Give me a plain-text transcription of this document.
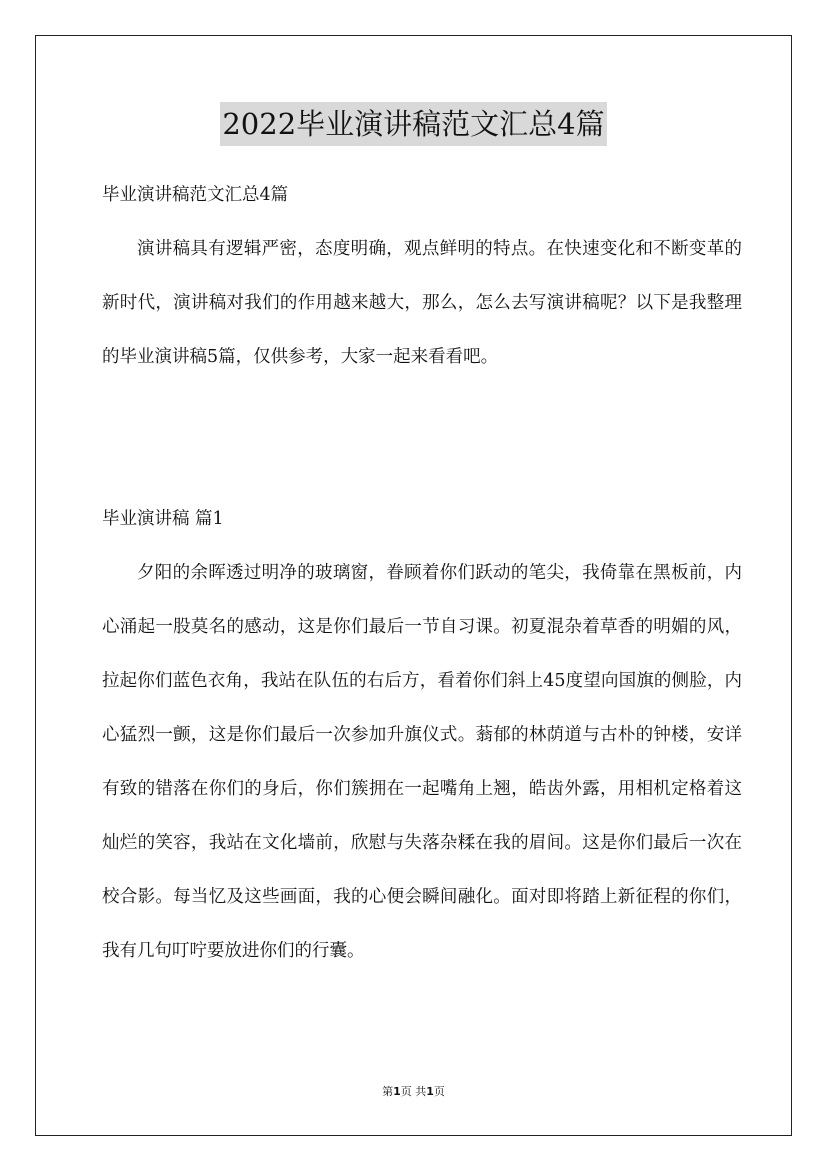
2022毕业演讲稿范文汇总4篇

毕业演讲稿范文汇总4篇

演讲稿具有逻辑严密，态度明确，观点鲜明的特点。在快速变化和不断变革的新时代，演讲稿对我们的作用越来越大，那么，怎么去写演讲稿呢？以下是我整理的毕业演讲稿5篇，仅供参考，大家一起来看看吧。

毕业演讲稿 篇1

夕阳的余晖透过明净的玻璃窗，眷顾着你们跃动的笔尖，我倚靠在黑板前，内心涌起一股莫名的感动，这是你们最后一节自习课。初夏混杂着草香的明媚的风，拉起你们蓝色衣角，我站在队伍的右后方，看着你们斜上45度望向国旗的侧脸，内心猛烈一颤，这是你们最后一次参加升旗仪式。蓊郁的林荫道与古朴的钟楼，安详有致的错落在你们的身后，你们簇拥在一起嘴角上翘，皓齿外露，用相机定格着这灿烂的笑容，我站在文化墙前，欣慰与失落杂糅在我的眉间。这是你们最后一次在校合影。每当忆及这些画面，我的心便会瞬间融化。面对即将踏上新征程的你们，我有几句叮咛要放进你们的行囊。

第1页 共1页
